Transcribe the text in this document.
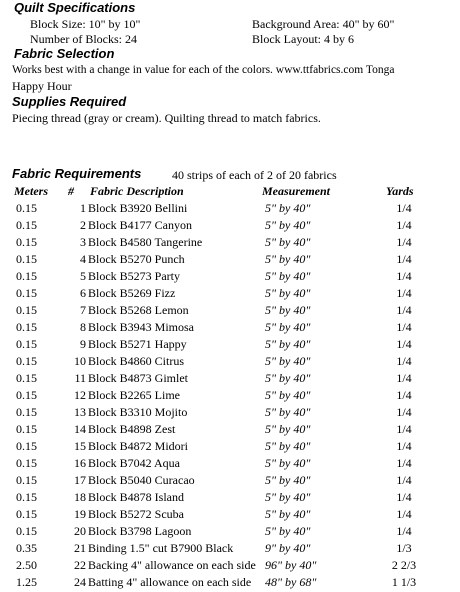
Quilt Specifications
Block Size: 10" by 10"
Number of Blocks: 24
Background Area: 40" by 60"
Block Layout: 4 by 6
Fabric Selection
Works best with a change in value for each of the colors. www.ttfabrics.com Tonga
Happy Hour
Supplies Required
Piecing thread (gray or cream). Quilting thread to match fabrics.
Fabric Requirements	40 strips of each of 2 of 20 fabrics
Meters # Fabric Description	Measurement	Yards
0.15	1 Block B3920 Bellini	5" by 40"	1/4
0.15	2 Block B4177 Canyon	5" by 40"	1/4
0.15	3 Block B4580 Tangerine	5" by 40"	1/4
0.15	4 Block B5270 Punch	5" by 40"	1/4
0.15	5 Block B5273 Party	5" by 40"	1/4
0.15	6 Block B5269 Fizz	5" by 40"	1/4
0.15	7 Block B5268 Lemon	5" by 40"	1/4
0.15	8 Block B3943 Mimosa	5" by 40"	1/4
0.15	9 Block B5271 Happy	5" by 40"	1/4
0.15	10 Block B4860 Citrus	5" by 40"	1/4
0.15	11 Block B4873 Gimlet	5" by 40"	1/4
0.15	12 Block B2265 Lime	5" by 40"	1/4
0.15	13 Block B3310 Mojito	5" by 40"	1/4
0.15	14 Block B4898 Zest	5" by 40"	1/4
0.15	15 Block B4872 Midori	5" by 40"	1/4
0.15	16 Block B7042 Aqua	5" by 40"	1/4
0.15	17 Block B5040 Curacao	5" by 40"	1/4
0.15	18 Block B4878 Island	5" by 40"	1/4
0.15	19 Block B5272 Scuba	5" by 40"	1/4
0.15	20 Block B3798 Lagoon	5" by 40"	1/4
0.35	21 Binding 1.5" cut B7900 Black	9" by 40"	1/3
2.50	22 Backing 4" allowance on each side 96" by 40"	2 2/3
1.25	24 Batting 4" allowance on each side 48" by 68"	1 1/3
